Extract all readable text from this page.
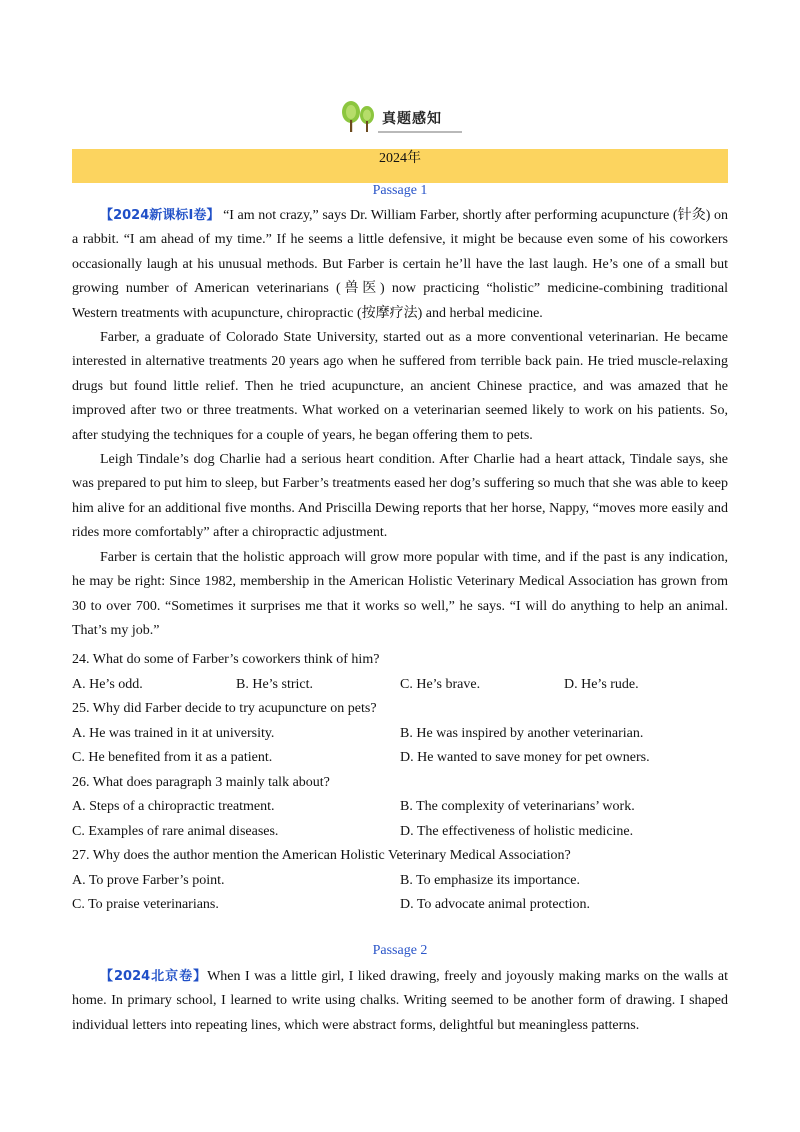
真题感知
2024年
Passage 1

【2024新课标Ⅰ卷】 “I am not crazy,” says Dr. William Farber, shortly after performing acupuncture (针灸) on a rabbit. “I am ahead of my time.” If he seems a little defensive, it might be because even some of his coworkers occasionally laugh at his unusual methods. But Farber is certain he’ll have the last laugh. He’s one of a small but growing number of American veterinarians (兽医) now practicing “holistic” medicine-combining traditional Western treatments with acupuncture, chiropractic (按摩疗法) and herbal medicine.

Farber, a graduate of Colorado State University, started out as a more conventional veterinarian. He became interested in alternative treatments 20 years ago when he suffered from terrible back pain. He tried muscle-relaxing drugs but found little relief. Then he tried acupuncture, an ancient Chinese practice, and was amazed that he improved after two or three treatments. What worked on a veterinarian seemed likely to work on his patients. So, after studying the techniques for a couple of years, he began offering them to pets.

Leigh Tindale’s dog Charlie had a serious heart condition. After Charlie had a heart attack, Tindale says, she was prepared to put him to sleep, but Farber’s treatments eased her dog’s suffering so much that she was able to keep him alive for an additional five months. And Priscilla Dewing reports that her horse, Nappy, “moves more easily and rides more comfortably” after a chiropractic adjustment.

Farber is certain that the holistic approach will grow more popular with time, and if the past is any indication, he may be right: Since 1982, membership in the American Holistic Veterinary Medical Association has grown from 30 to over 700. “Sometimes it surprises me that it works so well,” he says. “I will do anything to help an animal. That’s my job.”

24. What do some of Farber’s coworkers think of him?
A. He’s odd.	B. He’s strict.	C. He’s brave.	D. He’s rude.
25. Why did Farber decide to try acupuncture on pets?
A. He was trained in it at university.	B. He was inspired by another veterinarian.
C. He benefited from it as a patient.	D. He wanted to save money for pet owners.
26. What does paragraph 3 mainly talk about?
A. Steps of a chiropractic treatment.	B. The complexity of veterinarians’ work.
C. Examples of rare animal diseases.	D. The effectiveness of holistic medicine.
27. Why does the author mention the American Holistic Veterinary Medical Association?
A. To prove Farber’s point.	B. To emphasize its importance.
C. To praise veterinarians.	D. To advocate animal protection.
Passage 2

【2024北京卷】When I was a little girl, I liked drawing, freely and joyously making marks on the walls at home. In primary school, I learned to write using chalks. Writing seemed to be another form of drawing. I shaped individual letters into repeating lines, which were abstract forms, delightful but meaningless patterns.
